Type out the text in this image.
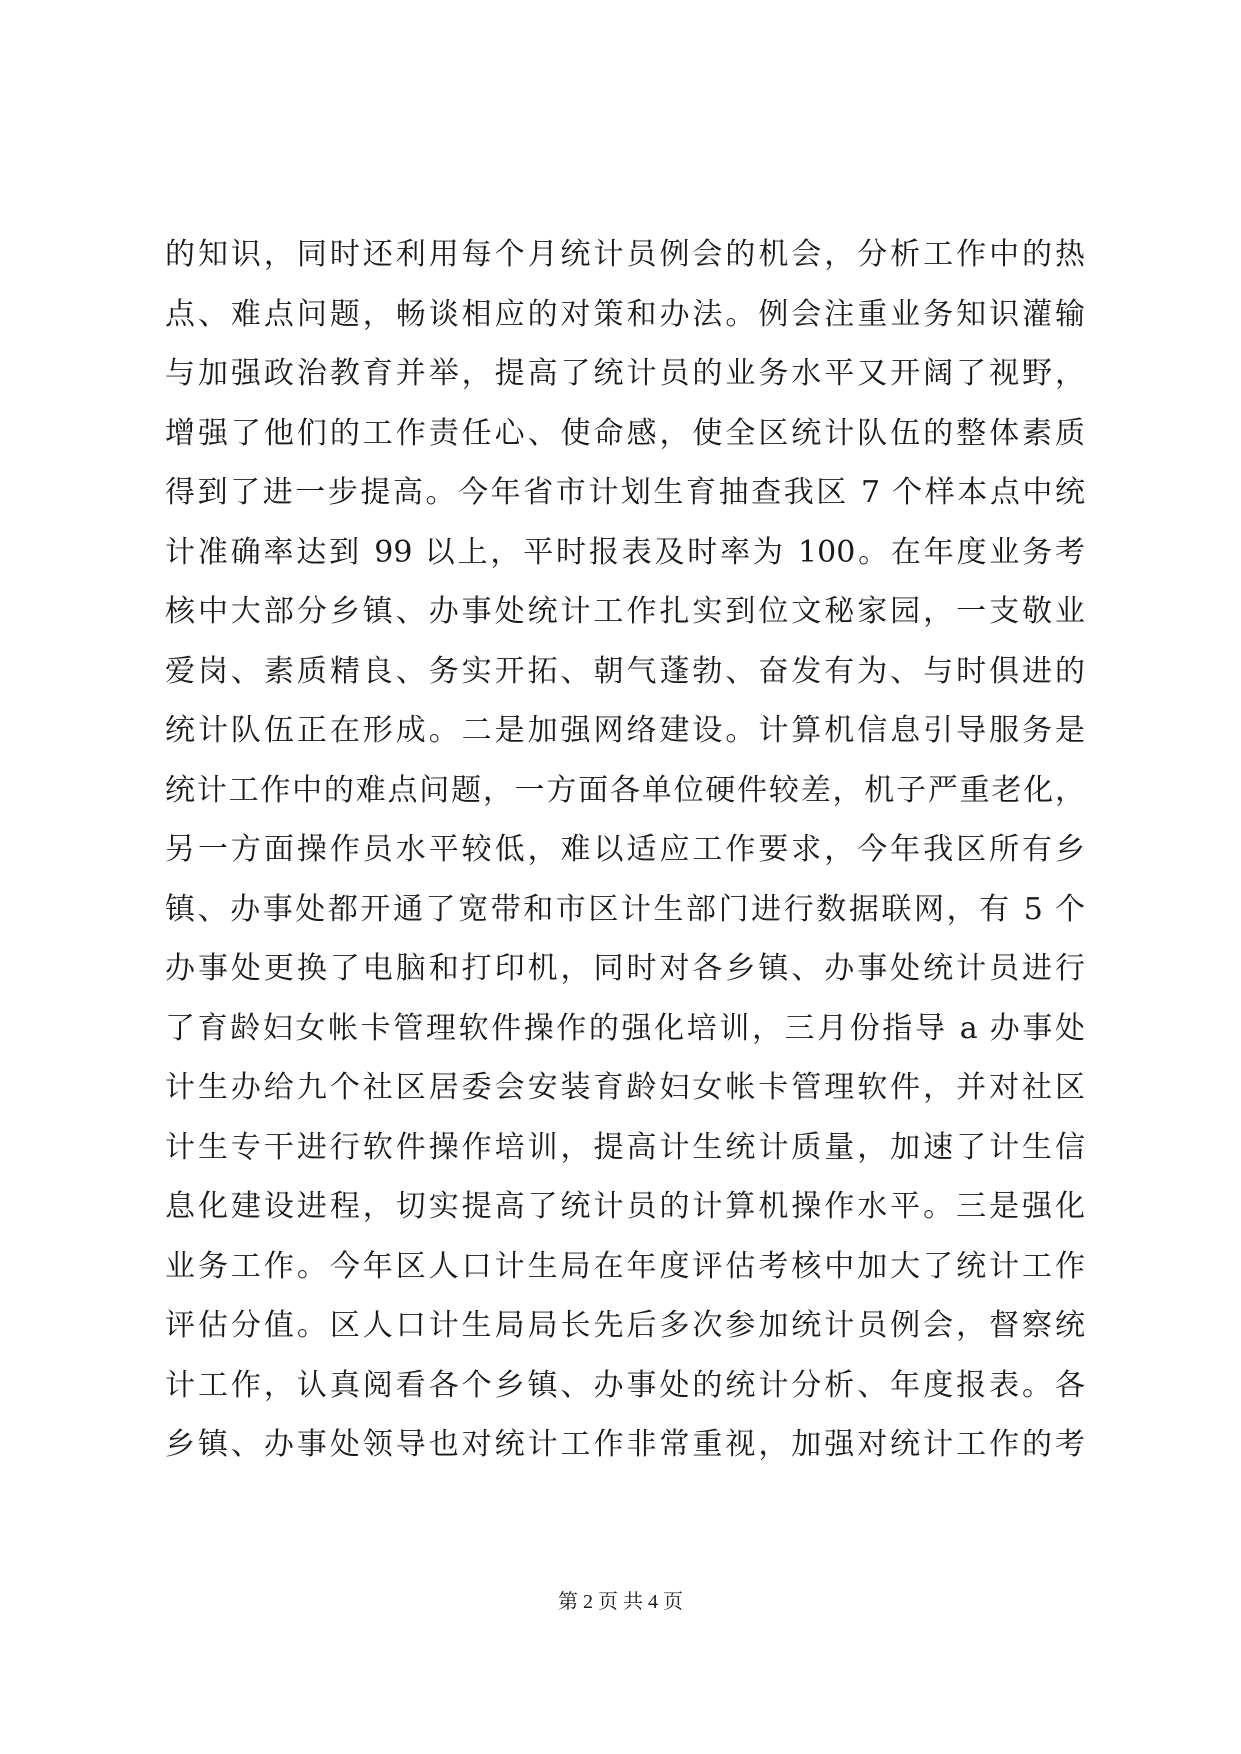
的知识，同时还利用每个月统计员例会的机会，分析工作中的热
点、难点问题，畅谈相应的对策和办法。例会注重业务知识灌输
与加强政治教育并举，提高了统计员的业务水平又开阔了视野，
增强了他们的工作责任心、使命感，使全区统计队伍的整体素质
得到了进一步提高。今年省市计划生育抽查我区 7 个样本点中统
计准确率达到 99 以上，平时报表及时率为 100。在年度业务考
核中大部分乡镇、办事处统计工作扎实到位文秘家园，一支敬业
爱岗、素质精良、务实开拓、朝气蓬勃、奋发有为、与时俱进的
统计队伍正在形成。二是加强网络建设。计算机信息引导服务是
统计工作中的难点问题，一方面各单位硬件较差，机子严重老化，
另一方面操作员水平较低，难以适应工作要求，今年我区所有乡
镇、办事处都开通了宽带和市区计生部门进行数据联网，有 5 个
办事处更换了电脑和打印机，同时对各乡镇、办事处统计员进行
了育龄妇女帐卡管理软件操作的强化培训，三月份指导 a 办事处
计生办给九个社区居委会安装育龄妇女帐卡管理软件，并对社区
计生专干进行软件操作培训，提高计生统计质量，加速了计生信
息化建设进程，切实提高了统计员的计算机操作水平。三是强化
业务工作。今年区人口计生局在年度评估考核中加大了统计工作
评估分值。区人口计生局局长先后多次参加统计员例会，督察统
计工作，认真阅看各个乡镇、办事处的统计分析、年度报表。各
乡镇、办事处领导也对统计工作非常重视，加强对统计工作的考
第 2 页 共 4 页
